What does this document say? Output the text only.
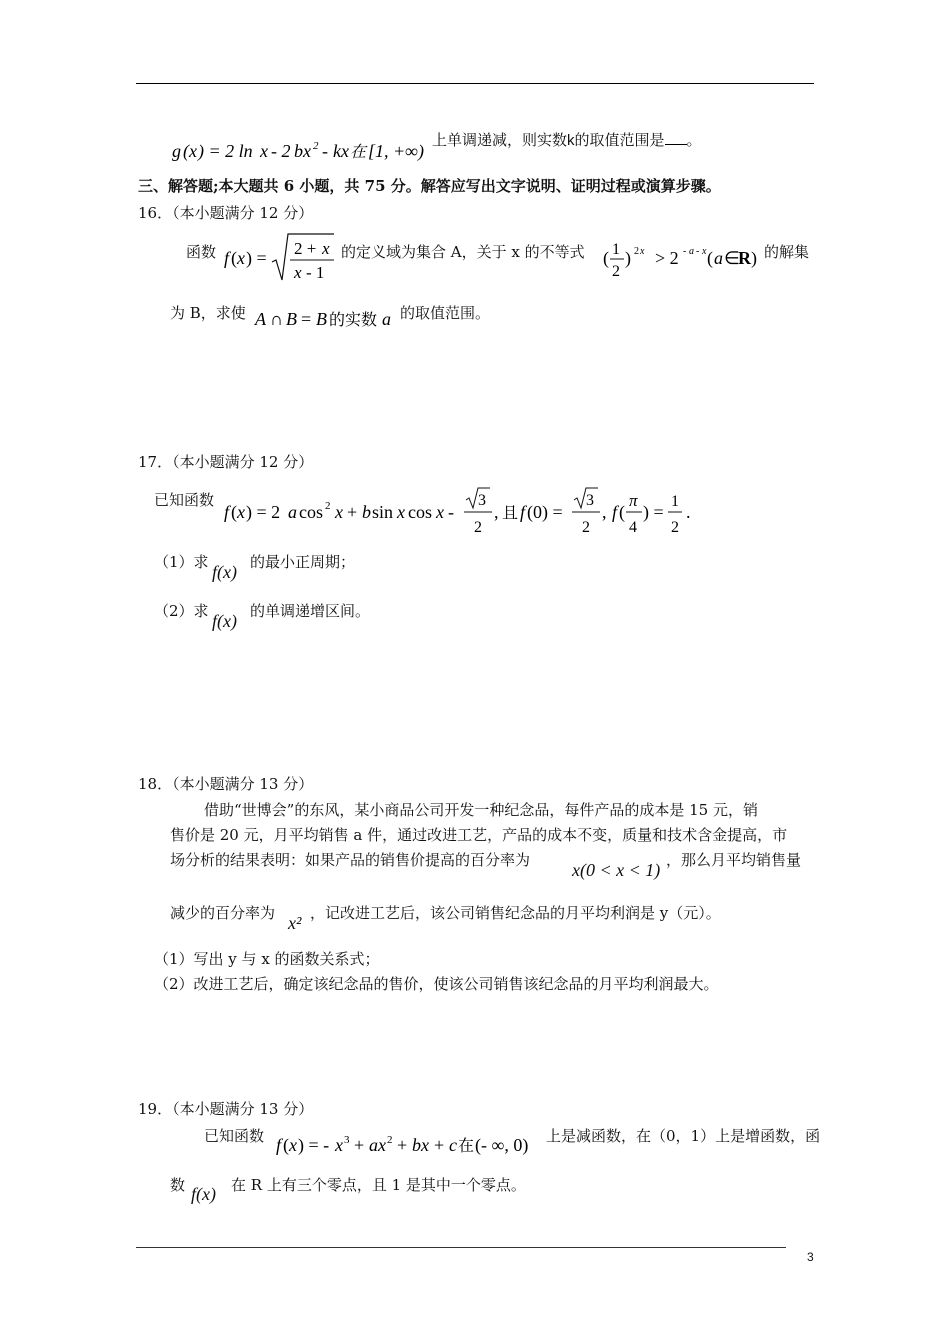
g ( x ) = 2 ln x - 2 bx 2 - kx 在 [1, +∞)
上单调递减，则实数k的取值范围是 。
三、解答题;本大题共 6 小题，共 75 分。解答应写出文字说明、证明过程或演算步骤。
16．（本小题满分 12 分）
函数 f ( x ) = 2 + x
x - 1
的定义域为集合 A，关于 x 的不等式 ( 1
2
) 2 x > 2 - a - x ( a ∈
R ) 的解集
为 B，求使 A ∩ B = B 的实数 a 的取值范围。
17．（本小题满分 12 分）
已知函数
f ( x ) = 2 a cos 2 x + b sin x cos x -
3
2
, 且 f (0) =
3
2
, f (
π
4
) =
1
2
.
（1）求 f(x) 的最小正周期；
（2）求 f(x) 的单调递增区间。
18．（本小题满分 13 分）
借助“世博会”的东风，某小商品公司开发一种纪念品，每件产品的成本是 15 元，销
售价是 20 元，月平均销售 a 件，通过改进工艺，产品的成本不变，质量和技术含金提高，市
场分析的结果表明：如果产品的销售价提高的百分率为 x(0 < x < 1) ，那么月平均销售量
减少的百分率为 x² ，记改进工艺后，该公司销售纪念品的月平均利润是 y（元）。
（1）写出 y 与 x 的函数关系式；
（2）改进工艺后，确定该纪念品的售价，使该公司销售该纪念品的月平均利润最大。
19．（本小题满分 13 分）
已知函数 f ( x ) = - x 3 + ax 2 + bx + c 在 (- ∞, 0) 上是减函数，在（0，1）上是增函数，函
数 f(x) 在 R 上有三个零点，且 1 是其中一个零点。
3
